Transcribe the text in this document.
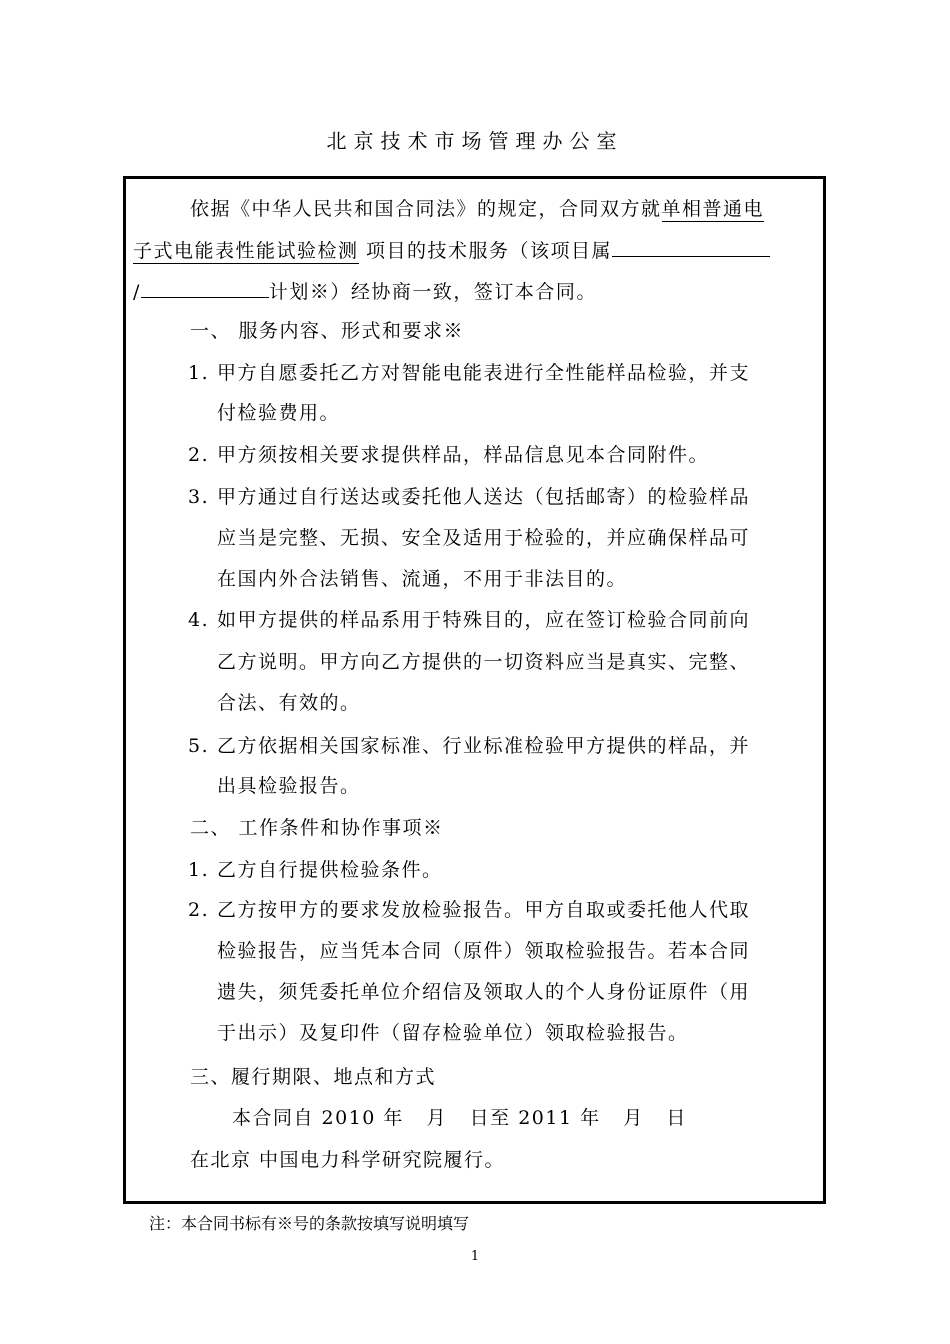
北京技术市场管理办公室
依据《中华人民共和国合同法》的规定，合同双方就单相普通电
子式电能表性能试验检测 项目的技术服务（该项目属
/	计划※）经协商一致，签订本合同。
一、 服务内容、形式和要求※
1. 甲方自愿委托乙方对智能电能表进行全性能样品检验，并支
付检验费用。
2. 甲方须按相关要求提供样品，样品信息见本合同附件。
3. 甲方通过自行送达或委托他人送达（包括邮寄）的检验样品
应当是完整、无损、安全及适用于检验的，并应确保样品可
在国内外合法销售、流通，不用于非法目的。
4. 如甲方提供的样品系用于特殊目的，应在签订检验合同前向
乙方说明。甲方向乙方提供的一切资料应当是真实、完整、
合法、有效的。
5. 乙方依据相关国家标准、行业标准检验甲方提供的样品，并
出具检验报告。
二、 工作条件和协作事项※
1. 乙方自行提供检验条件。
2. 乙方按甲方的要求发放检验报告。甲方自取或委托他人代取
检验报告，应当凭本合同（原件）领取检验报告。若本合同
遗失，须凭委托单位介绍信及领取人的个人身份证原件（用
于出示）及复印件（留存检验单位）领取检验报告。
三、履行期限、地点和方式
本合同自 2010 年   月   日至 2011 年   月   日
在北京 中国电力科学研究院履行。
注：本合同书标有※号的条款按填写说明填写
1
